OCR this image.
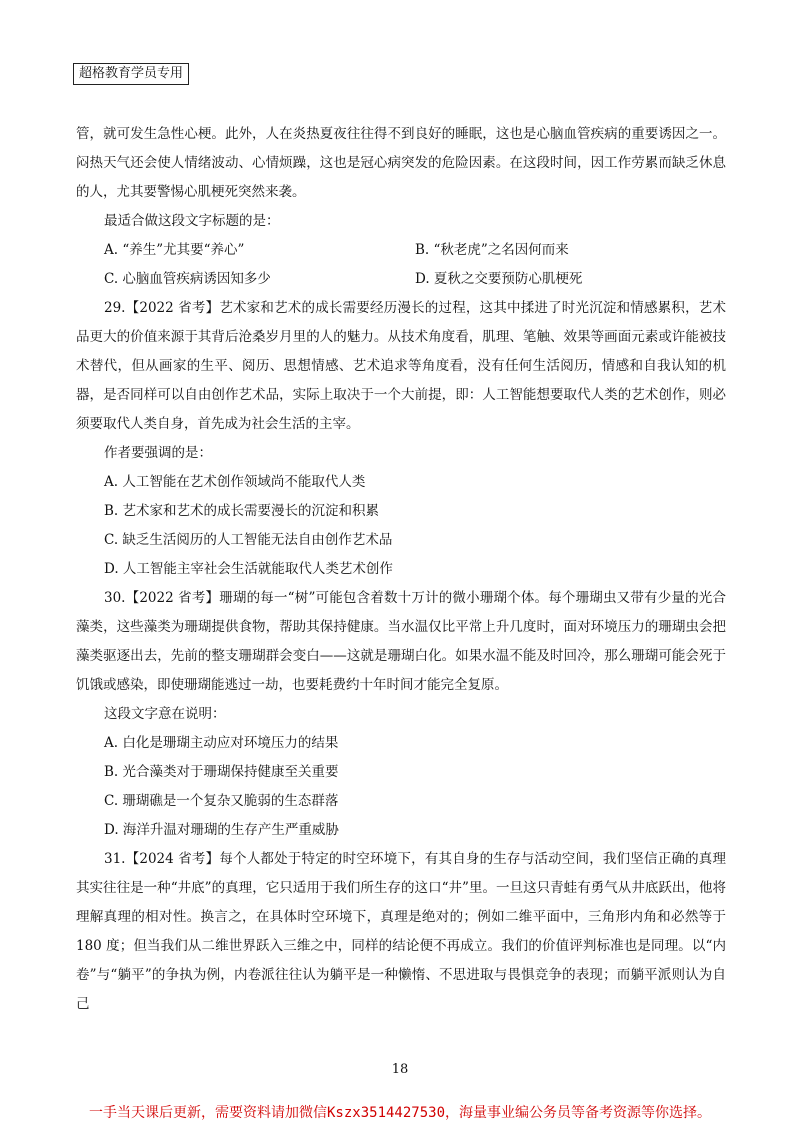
超格教育学员专用
管，就可发生急性心梗。此外，人在炎热夏夜往往得不到良好的睡眠，这也是心脑血管疾病的重要诱因之一。闷热天气还会使人情绪波动、心情烦躁，这也是冠心病突发的危险因素。在这段时间，因工作劳累而缺乏休息的人，尤其要警惕心肌梗死突然来袭。
最适合做这段文字标题的是：
A. “养生”尤其要“养心”	B. “秋老虎”之名因何而来
C. 心脑血管疾病诱因知多少	D. 夏秋之交要预防心肌梗死
29.【2022 省考】艺术家和艺术的成长需要经历漫长的过程，这其中揉进了时光沉淀和情感累积，艺术品更大的价值来源于其背后沧桑岁月里的人的魅力。从技术角度看，肌理、笔触、效果等画面元素或许能被技术替代，但从画家的生平、阅历、思想情感、艺术追求等角度看，没有任何生活阅历，情感和自我认知的机器，是否同样可以自由创作艺术品，实际上取决于一个大前提，即：人工智能想要取代人类的艺术创作，则必须要取代人类自身，首先成为社会生活的主宰。
作者要强调的是：
A. 人工智能在艺术创作领域尚不能取代人类
B. 艺术家和艺术的成长需要漫长的沉淀和积累
C. 缺乏生活阅历的人工智能无法自由创作艺术品
D. 人工智能主宰社会生活就能取代人类艺术创作
30.【2022 省考】珊瑚的每一“树”可能包含着数十万计的微小珊瑚个体。每个珊瑚虫又带有少量的光合藻类，这些藻类为珊瑚提供食物，帮助其保持健康。当水温仅比平常上升几度时，面对环境压力的珊瑚虫会把藻类驱逐出去，先前的整支珊瑚群会变白——这就是珊瑚白化。如果水温不能及时回冷，那么珊瑚可能会死于饥饿或感染，即使珊瑚能逃过一劫，也要耗费约十年时间才能完全复原。
这段文字意在说明：
A. 白化是珊瑚主动应对环境压力的结果
B. 光合藻类对于珊瑚保持健康至关重要
C. 珊瑚礁是一个复杂又脆弱的生态群落
D. 海洋升温对珊瑚的生存产生严重威胁
31.【2024 省考】每个人都处于特定的时空环境下，有其自身的生存与活动空间，我们坚信正确的真理其实往往是一种“井底”的真理，它只适用于我们所生存的这口“井”里。一旦这只青蛙有勇气从井底跃出，他将理解真理的相对性。换言之，在具体时空环境下，真理是绝对的；例如二维平面中，三角形内角和必然等于 180 度；但当我们从二维世界跃入三维之中，同样的结论便不再成立。我们的价值评判标准也是同理。以“内卷”与“躺平”的争执为例，内卷派往往认为躺平是一种懒惰、不思进取与畏惧竞争的表现；而躺平派则认为自己
18
一手当天课后更新，需要资料请加微信Kszx3514427530，海量事业编公务员等备考资源等你选择。
